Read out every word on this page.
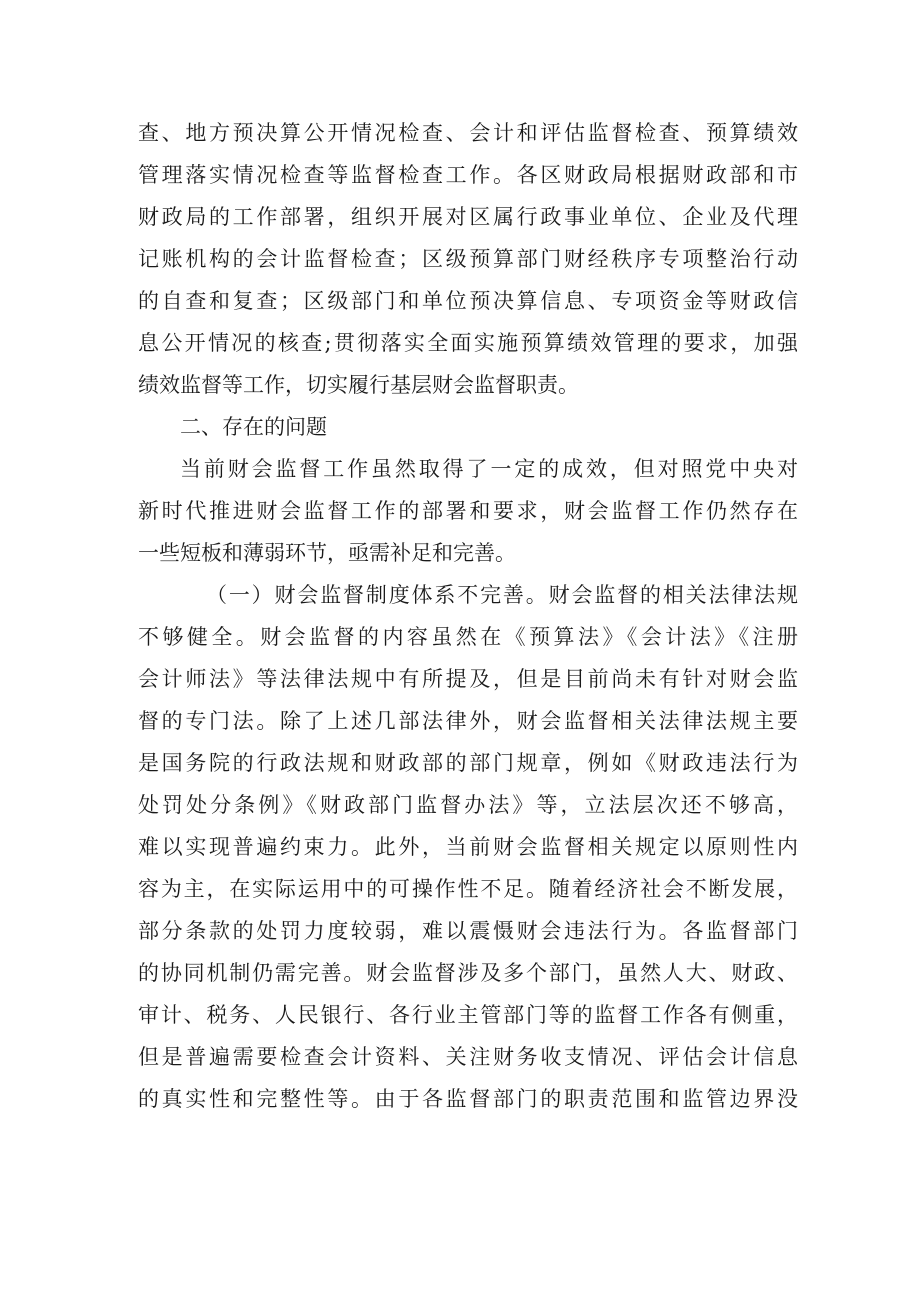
查、地方预决算公开情况检查、会计和评估监督检查、预算绩效
管理落实情况检查等监督检查工作。各区财政局根据财政部和市
财政局的工作部署，组织开展对区属行政事业单位、企业及代理
记账机构的会计监督检查；区级预算部门财经秩序专项整治行动
的自查和复查；区级部门和单位预决算信息、专项资金等财政信
息公开情况的核查;贯彻落实全面实施预算绩效管理的要求，加强
绩效监督等工作，切实履行基层财会监督职责。
二、存在的问题
当前财会监督工作虽然取得了一定的成效，但对照党中央对
新时代推进财会监督工作的部署和要求，财会监督工作仍然存在
一些短板和薄弱环节，亟需补足和完善。
（一）财会监督制度体系不完善。财会监督的相关法律法规
不够健全。财会监督的内容虽然在《预算法》《会计法》《注册
会计师法》等法律法规中有所提及，但是目前尚未有针对财会监
督的专门法。除了上述几部法律外，财会监督相关法律法规主要
是国务院的行政法规和财政部的部门规章，例如《财政违法行为
处罚处分条例》《财政部门监督办法》等，立法层次还不够高，
难以实现普遍约束力。此外，当前财会监督相关规定以原则性内
容为主，在实际运用中的可操作性不足。随着经济社会不断发展，
部分条款的处罚力度较弱，难以震慑财会违法行为。各监督部门
的协同机制仍需完善。财会监督涉及多个部门，虽然人大、财政、
审计、税务、人民银行、各行业主管部门等的监督工作各有侧重，
但是普遍需要检查会计资料、关注财务收支情况、评估会计信息
的真实性和完整性等。由于各监督部门的职责范围和监管边界没
